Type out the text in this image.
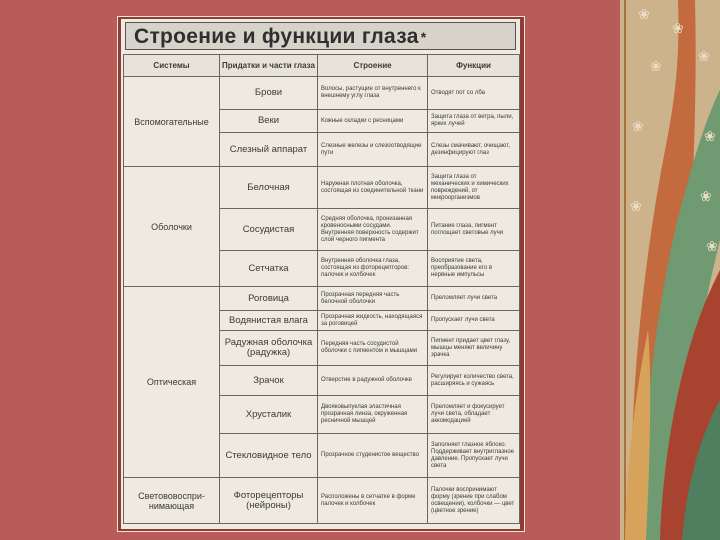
❀
❀
❀
❀
❀
❀
❀
❀
❀
Строение и функции глаза *
Системы	Придатки и части глаза	Строение	Функции
Вспомогательные	Брови	Волосы, растущие от внутреннего к внешнему углу глаза	Отводят пот со лба
	Веки	Кожные складки с ресницами	Защита глаза от ветра, пыли, ярких лучей
	Слезный аппарат	Слезные железы и слезоотводящие пути	Слезы смачивают, очищают, дезинфицируют глаз
Оболочки	Белочная	Наружная плотная оболочка, состоящая из соединительной ткани	Защита глаза от механических и химических повреждений, от микроорганизмов
	Сосудистая	Средняя оболочка, пронизанная кровеносными сосудами. Внутренняя поверхность содержит слой черного пигмента	Питание глаза, пигмент поглощает световые лучи
	Сетчатка	Внутренняя оболочка глаза, состоящая из фоторецепторов: палочек и колбочек	Восприятие света, преобразование его в нервные импульсы
Оптическая	Роговица	Прозрачная передняя часть белочной оболочки	Преломляет лучи света
	Водянистая влага	Прозрачная жидкость, находящаяся за роговицей	Пропускает лучи света
	Радужная оболочка (радужка)	Передняя часть сосудистой оболочки с пигментом и мышцами	Пигмент придает цвет глазу, мышцы меняют величину зрачка
	Зрачок	Отверстие в радужной оболочке	Регулирует количество света, расширяясь и сужаясь
	Хрусталик	Двояковыпуклая эластичная прозрачная линза, окруженная ресничной мышцей	Преломляет и фокусирует лучи света, обладает аккомодацией
	Стекловидное тело	Прозрачное студенистое вещество	Заполняет глазное яблоко. Поддерживает внутриглазное давление. Пропускает лучи света
Светововоспри-нимающая	Фоторецепторы (нейроны)	Расположены в сетчатке в форме палочек и колбочек	Палочки воспринимают форму (зрение при слабом освещении), колбочки — цвет (цветное зрение)
